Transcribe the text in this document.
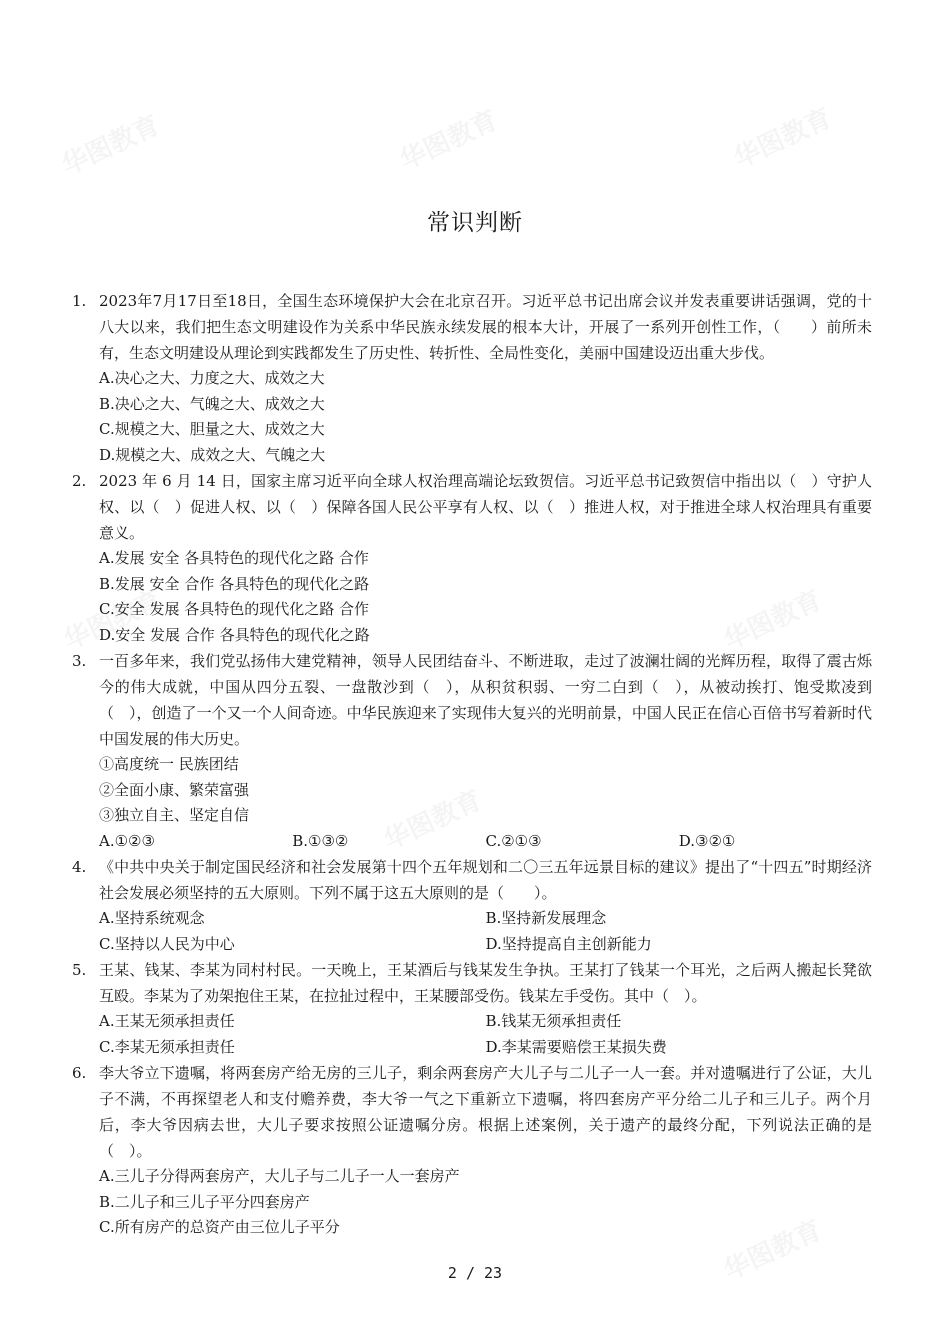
常识判断
1. 2023年7月17日至18日，全国生态环境保护大会在北京召开。习近平总书记出席会议并发表重要讲话强调，党的十八大以来，我们把生态文明建设作为关系中华民族永续发展的根本大计，开展了一系列开创性工作，（　　）前所未有，生态文明建设从理论到实践都发生了历史性、转折性、全局性变化，美丽中国建设迈出重大步伐。
A.决心之大、力度之大、成效之大
B.决心之大、气魄之大、成效之大
C.规模之大、胆量之大、成效之大
D.规模之大、成效之大、气魄之大
2. 2023 年 6 月 14 日，国家主席习近平向全球人权治理高端论坛致贺信。习近平总书记致贺信中指出以（　）守护人权、以（　）促进人权、以（　）保障各国人民公平享有人权、以（　）推进人权，对于推进全球人权治理具有重要意义。
A.发展 安全 各具特色的现代化之路 合作
B.发展 安全 合作 各具特色的现代化之路
C.安全 发展 各具特色的现代化之路 合作
D.安全 发展 合作 各具特色的现代化之路
3. 一百多年来，我们党弘扬伟大建党精神，领导人民团结奋斗、不断进取，走过了波澜壮阔的光辉历程，取得了震古烁今的伟大成就，中国从四分五裂、一盘散沙到（　），从积贫积弱、一穷二白到（　），从被动挨打、饱受欺凌到（　），创造了一个又一个人间奇迹。中华民族迎来了实现伟大复兴的光明前景，中国人民正在信心百倍书写着新时代中国发展的伟大历史。
①高度统一 民族团结
②全面小康、繁荣富强
③独立自主、坚定自信
A.①②③	B.①③②	C.②①③	D.③②①
4. 《中共中央关于制定国民经济和社会发展第十四个五年规划和二〇三五年远景目标的建议》提出了“十四五”时期经济社会发展必须坚持的五大原则。下列不属于这五大原则的是（　　）。
A.坚持系统观念	B.坚持新发展理念
C.坚持以人民为中心	D.坚持提高自主创新能力
5. 王某、钱某、李某为同村村民。一天晚上，王某酒后与钱某发生争执。王某打了钱某一个耳光，之后两人搬起长凳欲互殴。李某为了劝架抱住王某，在拉扯过程中，王某腰部受伤。钱某左手受伤。其中（　）。
A.王某无须承担责任	B.钱某无须承担责任
C.李某无须承担责任	D.李某需要赔偿王某损失费
6. 李大爷立下遗嘱，将两套房产给无房的三儿子，剩余两套房产大儿子与二儿子一人一套。并对遗嘱进行了公证，大儿子不满，不再探望老人和支付赡养费，李大爷一气之下重新立下遗嘱，将四套房产平分给二儿子和三儿子。两个月后，李大爷因病去世，大儿子要求按照公证遗嘱分房。根据上述案例，关于遗产的最终分配，下列说法正确的是（　）。
A.三儿子分得两套房产，大儿子与二儿子一人一套房产
B.二儿子和三儿子平分四套房产
C.所有房产的总资产由三位儿子平分
2 / 23
